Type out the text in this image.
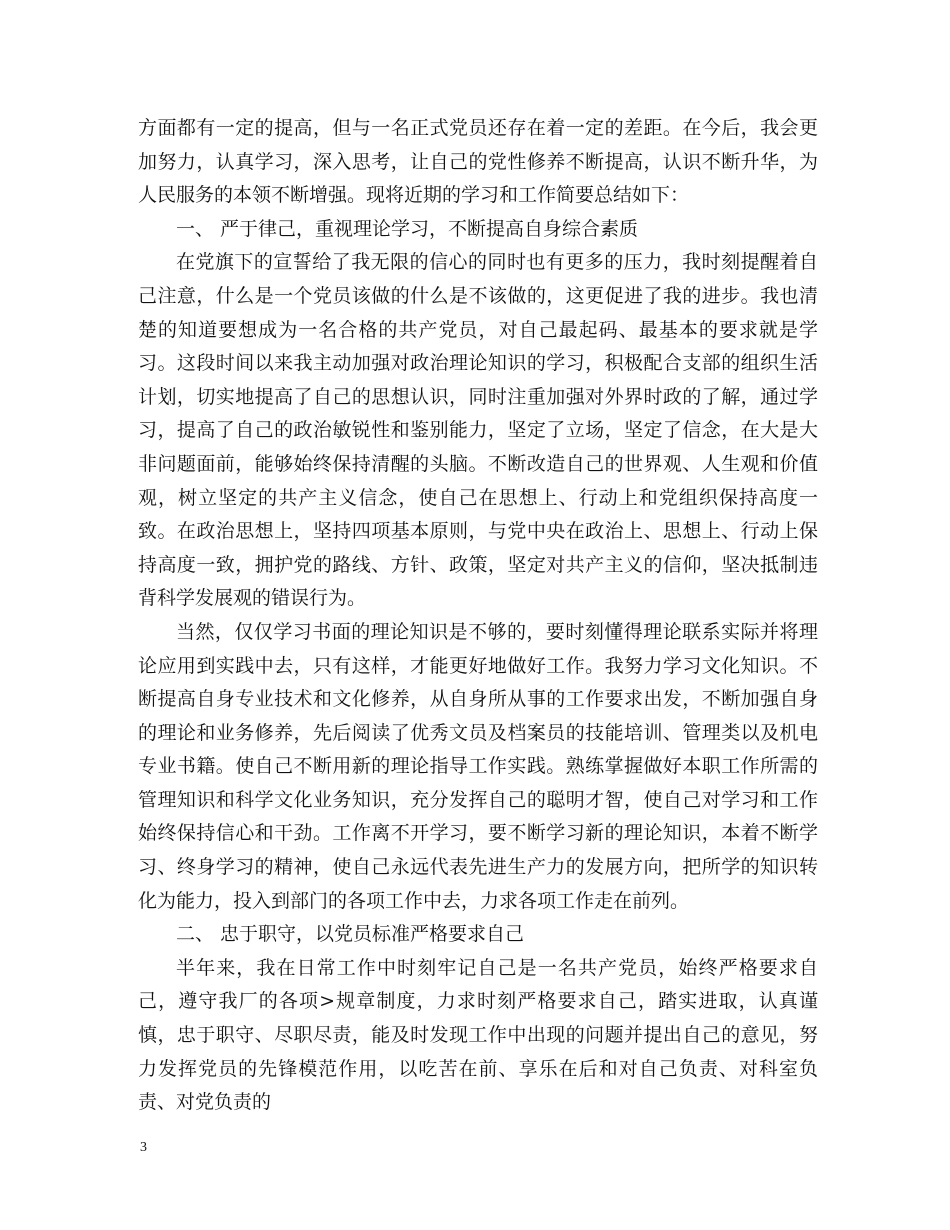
方面都有一定的提高，但与一名正式党员还存在着一定的差距。在今后，我会更加努力，认真学习，深入思考，让自己的党性修养不断提高，认识不断升华，为人民服务的本领不断增强。现将近期的学习和工作简要总结如下：

一、 严于律己，重视理论学习，不断提高自身综合素质

在党旗下的宣誓给了我无限的信心的同时也有更多的压力，我时刻提醒着自己注意，什么是一个党员该做的什么是不该做的，这更促进了我的进步。我也清楚的知道要想成为一名合格的共产党员，对自己最起码、最基本的要求就是学习。这段时间以来我主动加强对政治理论知识的学习，积极配合支部的组织生活计划，切实地提高了自己的思想认识，同时注重加强对外界时政的了解，通过学习，提高了自己的政治敏锐性和鉴别能力，坚定了立场，坚定了信念，在大是大非问题面前，能够始终保持清醒的头脑。不断改造自己的世界观、人生观和价值观，树立坚定的共产主义信念，使自己在思想上、行动上和党组织保持高度一致。在政治思想上，坚持四项基本原则，与党中央在政治上、思想上、行动上保持高度一致，拥护党的路线、方针、政策，坚定对共产主义的信仰，坚决抵制违背科学发展观的错误行为。

当然，仅仅学习书面的理论知识是不够的，要时刻懂得理论联系实际并将理论应用到实践中去，只有这样，才能更好地做好工作。我努力学习文化知识。不断提高自身专业技术和文化修养，从自身所从事的工作要求出发，不断加强自身的理论和业务修养，先后阅读了优秀文员及档案员的技能培训、管理类以及机电专业书籍。使自己不断用新的理论指导工作实践。熟练掌握做好本职工作所需的管理知识和科学文化业务知识，充分发挥自己的聪明才智，使自己对学习和工作始终保持信心和干劲。工作离不开学习，要不断学习新的理论知识，本着不断学习、终身学习的精神，使自己永远代表先进生产力的发展方向，把所学的知识转化为能力，投入到部门的各项工作中去，力求各项工作走在前列。

二、 忠于职守，以党员标准严格要求自己

半年来，我在日常工作中时刻牢记自己是一名共产党员，始终严格要求自己，遵守我厂的各项>规章制度，力求时刻严格要求自己，踏实进取，认真谨慎，忠于职守、尽职尽责，能及时发现工作中出现的问题并提出自己的意见，努力发挥党员的先锋模范作用，以吃苦在前、享乐在后和对自己负责、对科室负责、对党负责的

3
